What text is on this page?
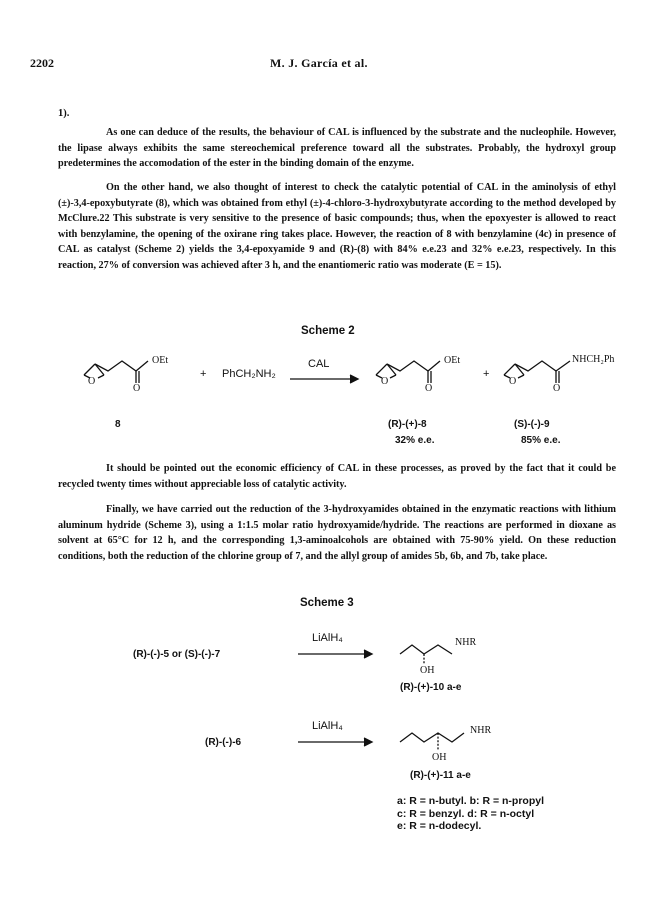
2202	M. J. García et al.
1).

As one can deduce of the results, the behaviour of CAL is influenced by the substrate and the nucleophile. However, the lipase always exhibits the same stereochemical preference toward all the substrates. Probably, the hydroxyl group predetermines the accomodation of the ester in the binding domain of the enzyme.

On the other hand, we also thought of interest to check the catalytic potential of CAL in the aminolysis of ethyl (±)-3,4-epoxybutyrate (8), which was obtained from ethyl (±)-4-chloro-3-hydroxybutyrate according to the method developed by McClure.22 This substrate is very sensitive to the presence of basic compounds; thus, when the epoxyester is allowed to react with benzylamine, the opening of the oxirane ring takes place. However, the reaction of 8 with benzylamine (4c) in presence of CAL as catalyst (Scheme 2) yields the 3,4-epoxyamide 9 and (R)-(8) with 84% e.e.23 and 32% e.e.23, respectively. In this reaction, 27% of conversion was achieved after 3 h, and the enantiomeric ratio was moderate (E = 15).

Scheme 2
O
OEt
O
+ PhCH₂NH₂
CAL
O
OEt
O
+
O
NHCH₂Ph
O
8	(R)-(+)-8	(S)-(-)-9
32% e.e.	85% e.e.

It should be pointed out the economic efficiency of CAL in these processes, as proved by the fact that it could be recycled twenty times without appreciable loss of catalytic activity.

Finally, we have carried out the reduction of the 3-hydroxyamides obtained in the enzymatic reactions with lithium aluminum hydride (Scheme 3), using a 1:1.5 molar ratio hydroxyamide/hydride. The reactions are performed in dioxane as solvent at 65°C for 12 h, and the corresponding 1,3-aminoalcohols are obtained with 75-90% yield. On these reduction conditions, both the reduction of the chlorine group of 7, and the allyl group of amides 5b, 6b, and 7b, take place.

Scheme 3
(R)-(-)-5 or (S)-(-)-7
LiAlH₄	NHR
OH
(R)-(+)-10 a-e
(R)-(-)-6
LiAlH₄	NHR
OH
(R)-(+)-11 a-e
a: R = n-butyl. b: R = n-propyl
c: R = benzyl. d: R = n-octyl
e: R = n-dodecyl.
